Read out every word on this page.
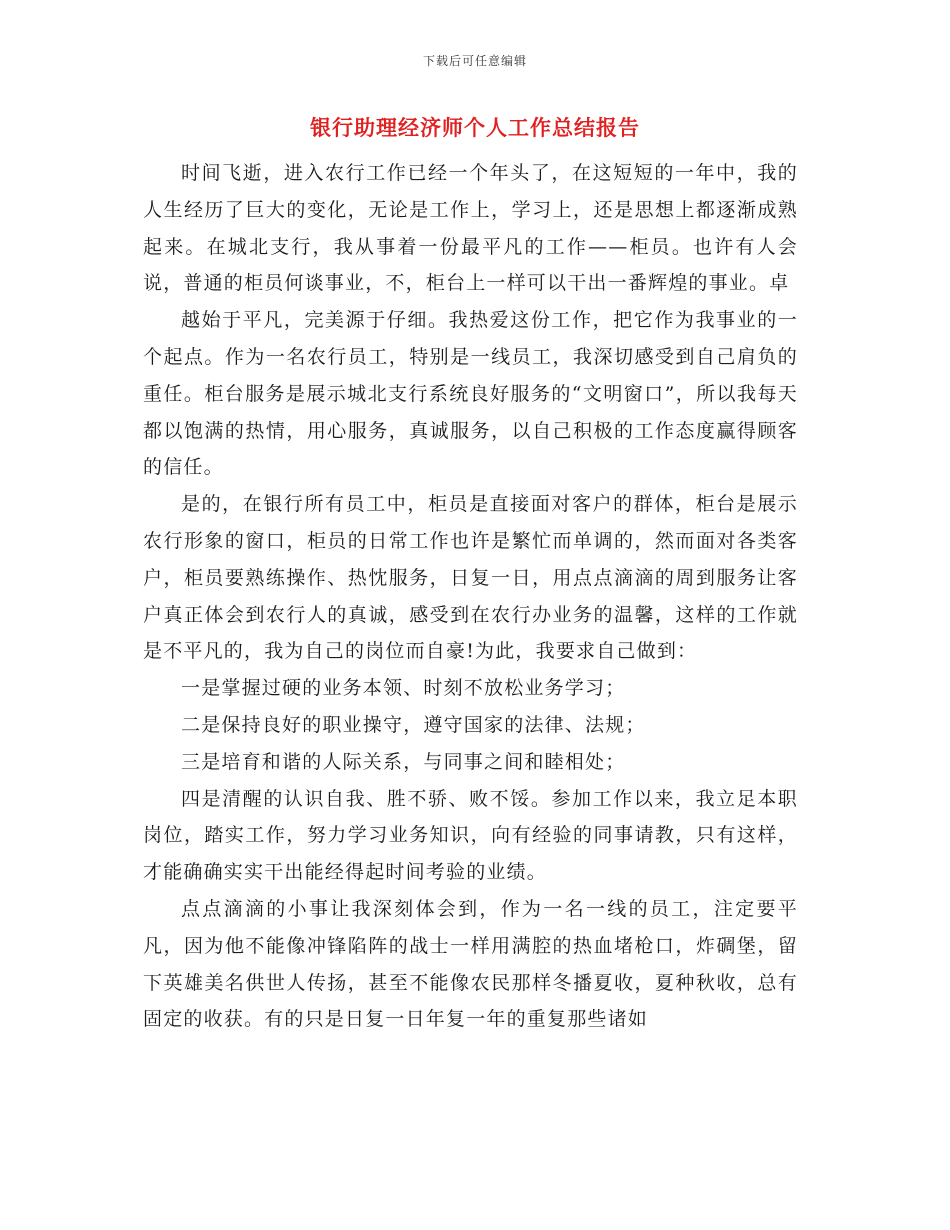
下载后可任意编辑
银行助理经济师个人工作总结报告

时间飞逝，进入农行工作已经一个年头了，在这短短的一年中，我的人生经历了巨大的变化，无论是工作上，学习上，还是思想上都逐渐成熟起来。在城北支行，我从事着一份最平凡的工作——柜员。也许有人会说，普通的柜员何谈事业，不，柜台上一样可以干出一番辉煌的事业。卓

越始于平凡，完美源于仔细。我热爱这份工作，把它作为我事业的一个起点。作为一名农行员工，特别是一线员工，我深切感受到自己肩负的重任。柜台服务是展示城北支行系统良好服务的“文明窗口”，所以我每天都以饱满的热情，用心服务，真诚服务，以自己积极的工作态度赢得顾客的信任。

是的，在银行所有员工中，柜员是直接面对客户的群体，柜台是展示农行形象的窗口，柜员的日常工作也许是繁忙而单调的，然而面对各类客户，柜员要熟练操作、热忱服务，日复一日，用点点滴滴的周到服务让客户真正体会到农行人的真诚，感受到在农行办业务的温馨，这样的工作就是不平凡的，我为自己的岗位而自豪!为此，我要求自己做到：

一是掌握过硬的业务本领、时刻不放松业务学习；

二是保持良好的职业操守，遵守国家的法律、法规；

三是培育和谐的人际关系，与同事之间和睦相处；

四是清醒的认识自我、胜不骄、败不馁。参加工作以来，我立足本职岗位，踏实工作，努力学习业务知识，向有经验的同事请教，只有这样，才能确确实实干出能经得起时间考验的业绩。

点点滴滴的小事让我深刻体会到，作为一名一线的员工，注定要平凡，因为他不能像冲锋陷阵的战士一样用满腔的热血堵枪口，炸碉堡，留下英雄美名供世人传扬，甚至不能像农民那样冬播夏收，夏种秋收，总有固定的收获。有的只是日复一日年复一年的重复那些诸如
